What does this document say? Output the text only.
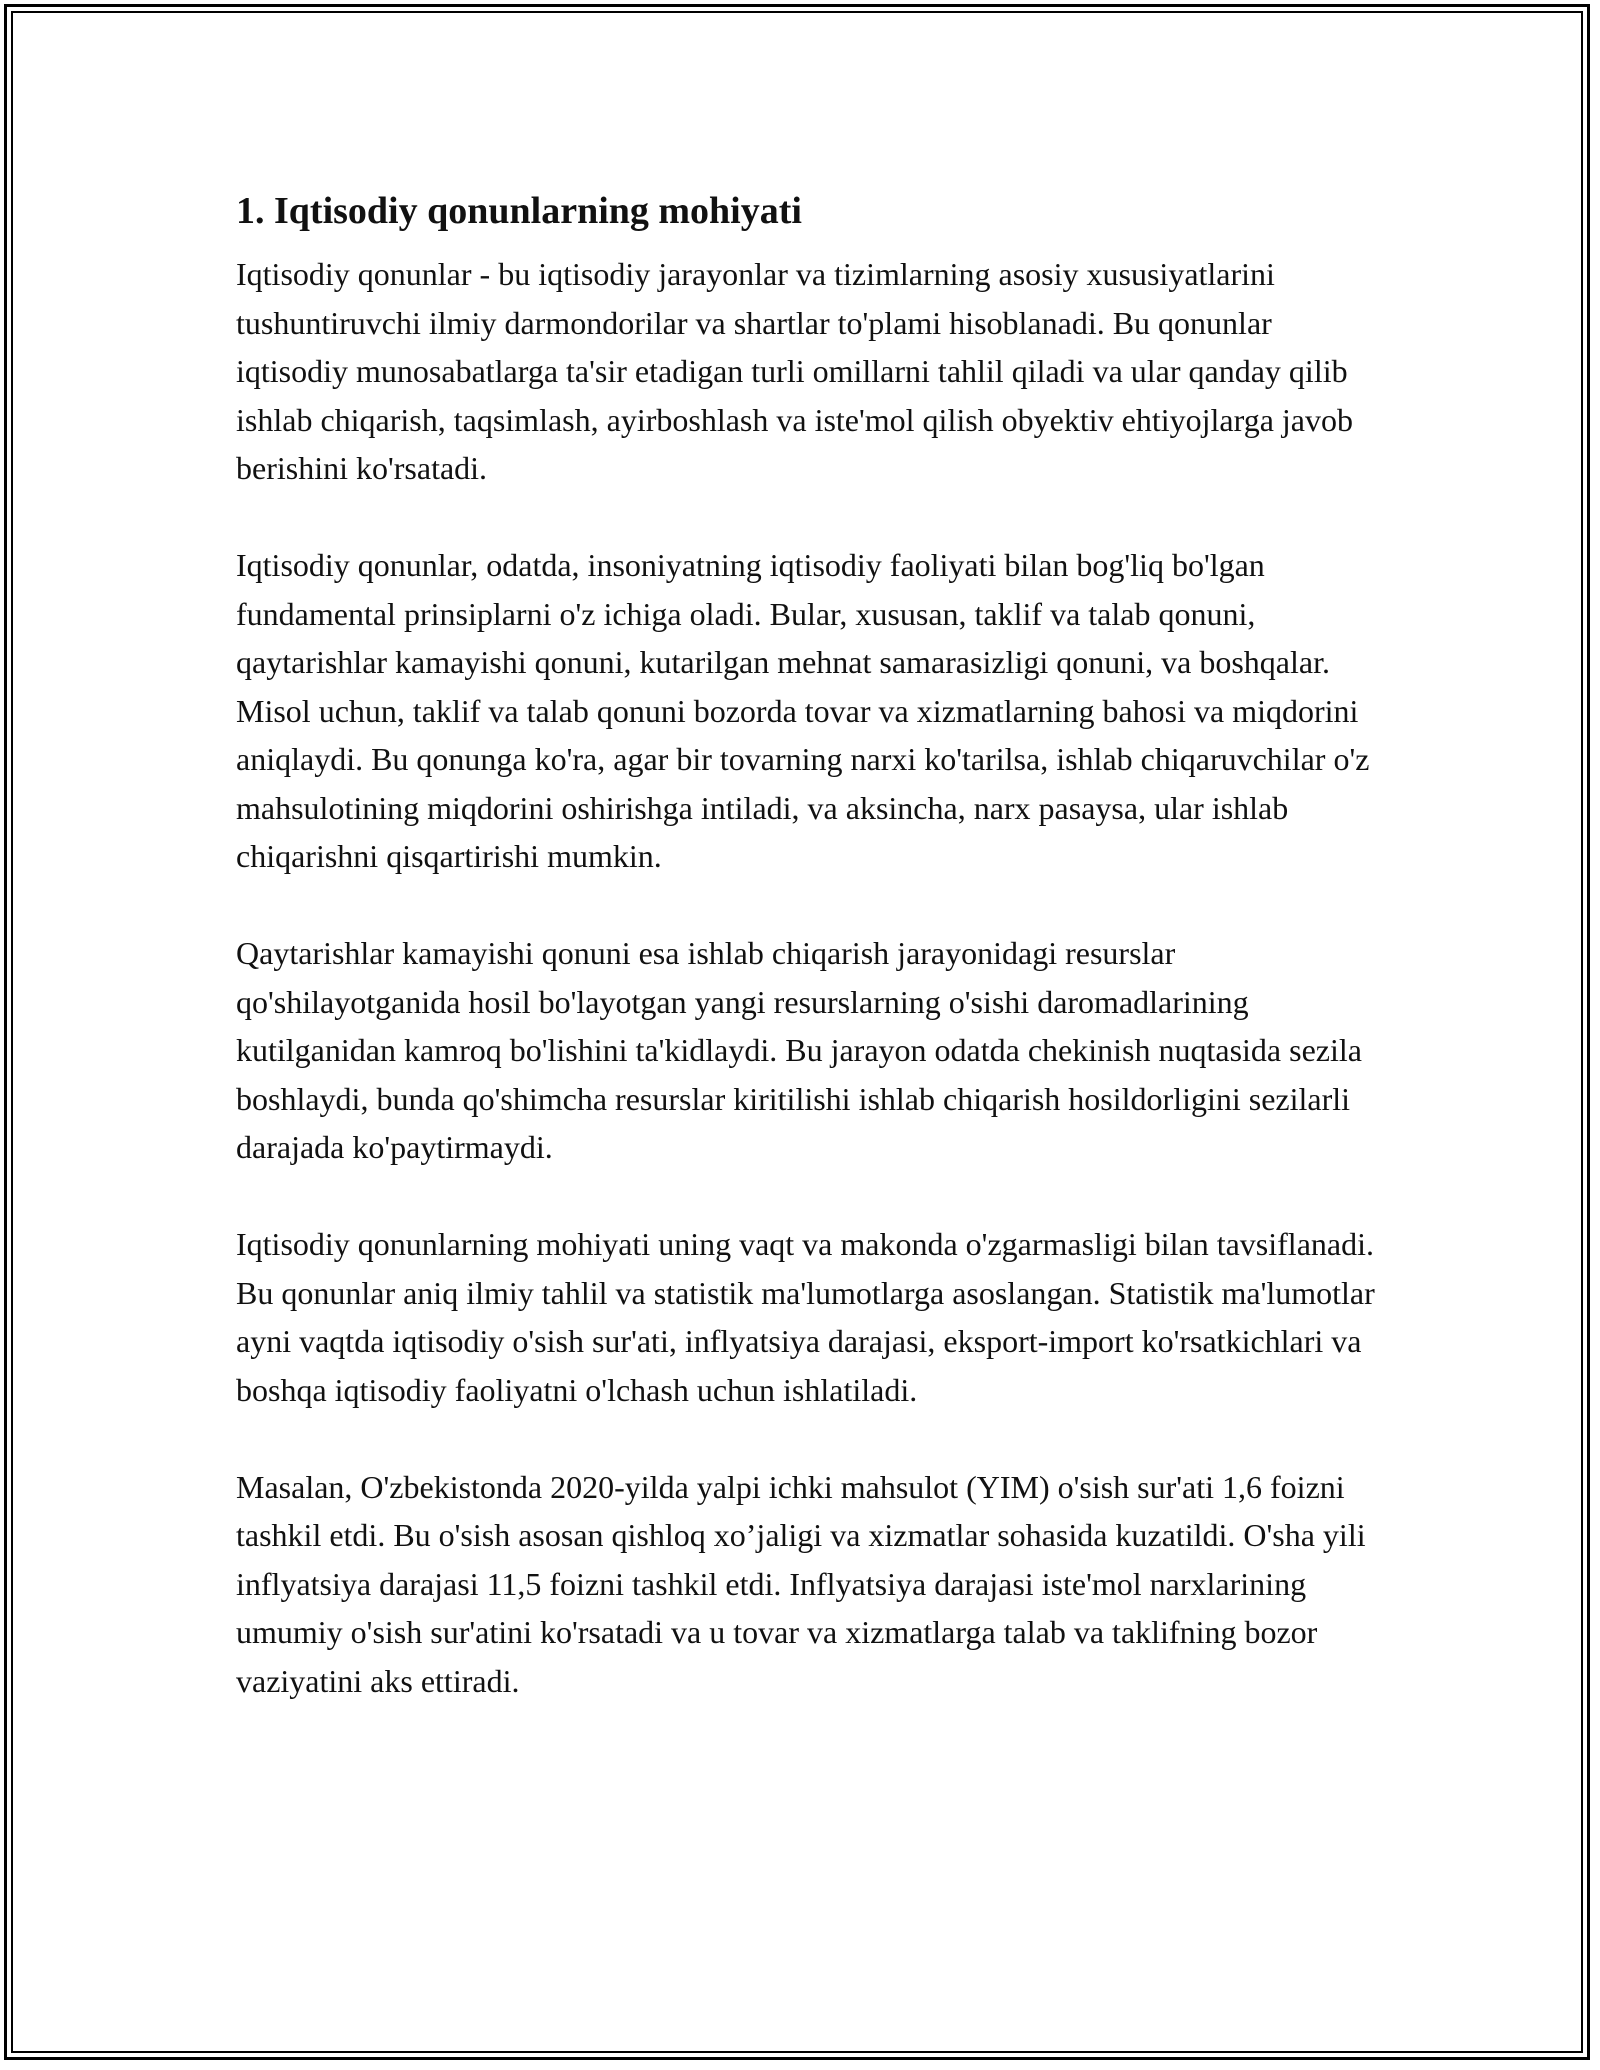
1. Iqtisodiy qonunlarning mohiyati

Iqtisodiy qonunlar - bu iqtisodiy jarayonlar va tizimlarning asosiy xususiyatlarini tushuntiruvchi ilmiy darmondorilar va shartlar to'plami hisoblanadi. Bu qonunlar iqtisodiy munosabatlarga ta'sir etadigan turli omillarni tahlil qiladi va ular qanday qilib ishlab chiqarish, taqsimlash, ayirboshlash va iste'mol qilish obyektiv ehtiyojlarga javob berishini ko'rsatadi.

Iqtisodiy qonunlar, odatda, insoniyatning iqtisodiy faoliyati bilan bog'liq bo'lgan fundamental prinsiplarni o'z ichiga oladi. Bular, xususan, taklif va talab qonuni, qaytarishlar kamayishi qonuni, kutarilgan mehnat samarasizligi qonuni, va boshqalar. Misol uchun, taklif va talab qonuni bozorda tovar va xizmatlarning bahosi va miqdorini aniqlaydi. Bu qonunga ko'ra, agar bir tovarning narxi ko'tarilsa, ishlab chiqaruvchilar o'z mahsulotining miqdorini oshirishga intiladi, va aksincha, narx pasaysa, ular ishlab chiqarishni qisqartirishi mumkin.

Qaytarishlar kamayishi qonuni esa ishlab chiqarish jarayonidagi resurslar qo'shilayotganida hosil bo'layotgan yangi resurslarning o'sishi daromadlarining kutilganidan kamroq bo'lishini ta'kidlaydi. Bu jarayon odatda chekinish nuqtasida sezila boshlaydi, bunda qo'shimcha resurslar kiritilishi ishlab chiqarish hosildorligini sezilarli darajada ko'paytirmaydi.

Iqtisodiy qonunlarning mohiyati uning vaqt va makonda o'zgarmasligi bilan tavsiflanadi. Bu qonunlar aniq ilmiy tahlil va statistik ma'lumotlarga asoslangan. Statistik ma'lumotlar ayni vaqtda iqtisodiy o'sish sur'ati, inflyatsiya darajasi, eksport-import ko'rsatkichlari va boshqa iqtisodiy faoliyatni o'lchash uchun ishlatiladi.

Masalan, O'zbekistonda 2020-yilda yalpi ichki mahsulot (YIM) o'sish sur'ati 1,6 foizni tashkil etdi. Bu o'sish asosan qishloq xo’jaligi va xizmatlar sohasida kuzatildi. O'sha yili inflyatsiya darajasi 11,5 foizni tashkil etdi. Inflyatsiya darajasi iste'mol narxlarining umumiy o'sish sur'atini ko'rsatadi va u tovar va xizmatlarga talab va taklifning bozor vaziyatini aks ettiradi.
